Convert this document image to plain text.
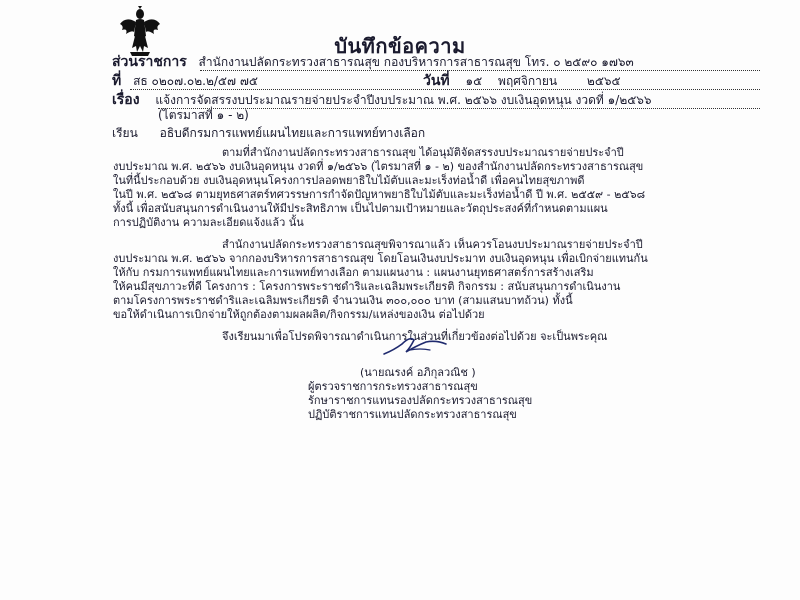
บันทึกข้อความ
ส่วนราชการ สำนักงานปลัดกระทรวงสาธารณสุข กองบริหารการสาธารณสุข โทร. ๐ ๒๕๙๐ ๑๗๖๓
ที่ สธ ๐๒๐๗.๐๒.๒/๕๗ ๗๕	วันที่ ๑๕ พฤศจิกายน ๒๕๖๕
เรื่อง แจ้งการจัดสรรงบประมาณรายจ่ายประจำปีงบประมาณ พ.ศ. ๒๕๖๖ งบเงินอุดหนุน งวดที่ ๑/๒๕๖๖
(ไตรมาสที่ ๑ - ๒)
เรียน อธิบดีกรมการแพทย์แผนไทยและการแพทย์ทางเลือก
ตามที่สำนักงานปลัดกระทรวงสาธารณสุข ได้อนุมัติจัดสรรงบประมาณรายจ่ายประจำปี
งบประมาณ พ.ศ. ๒๕๖๖ งบเงินอุดหนุน งวดที่ ๑/๒๕๖๖ (ไตรมาสที่ ๑ - ๒) ของสำนักงานปลัดกระทรวงสาธารณสุข
ในที่นี้ประกอบด้วย งบเงินอุดหนุนโครงการปลอดพยาธิใบไม้ตับและมะเร็งท่อน้ำดี เพื่อคนไทยสุขภาพดี
ในปี พ.ศ. ๒๕๖๘ ตามยุทธศาสตร์ทศวรรษการกำจัดปัญหาพยาธิใบไม้ตับและมะเร็งท่อน้ำดี ปี พ.ศ. ๒๕๕๙ - ๒๕๖๘
ทั้งนี้ เพื่อสนับสนุนการดำเนินงานให้มีประสิทธิภาพ เป็นไปตามเป้าหมายและวัตถุประสงค์ที่กำหนดตามแผน
การปฏิบัติงาน ความละเอียดแจ้งแล้ว นั้น
สำนักงานปลัดกระทรวงสาธารณสุขพิจารณาแล้ว เห็นควรโอนงบประมาณรายจ่ายประจำปี
งบประมาณ พ.ศ. ๒๕๖๖ จากกองบริหารการสาธารณสุข โดยโอนเงินงบประมาท งบเงินอุดหนุน เพื่อเบิกจ่ายแทนกัน
ให้กับ กรมการแพทย์แผนไทยและการแพทย์ทางเลือก ตามแผนงาน : แผนงานยุทธศาสตร์การสร้างเสริม
ให้คนมีสุขภาวะที่ดี โครงการ : โครงการพระราชดำริและเฉลิมพระเกียรติ กิจกรรม : สนับสนุนการดำเนินงาน
ตามโครงการพระราชดำริและเฉลิมพระเกียรติ จำนวนเงิน ๓๐๐,๐๐๐ บาท (สามแสนบาทถ้วน) ทั้งนี้
ขอให้ดำเนินการเบิกจ่ายให้ถูกต้องตามผลผลิต/กิจกรรม/แหล่งของเงิน ต่อไปด้วย
จึงเรียนมาเพื่อโปรดพิจารณาดำเนินการในส่วนที่เกี่ยวข้องต่อไปด้วย จะเป็นพระคุณ
(นายณรงค์ อภิกุลวณิช )
ผู้ตรวจราชการกระทรวงสาธารณสุข
รักษาราชการแทนรองปลัดกระทรวงสาธารณสุข
ปฏิบัติราชการแทนปลัดกระทรวงสาธารณสุข
